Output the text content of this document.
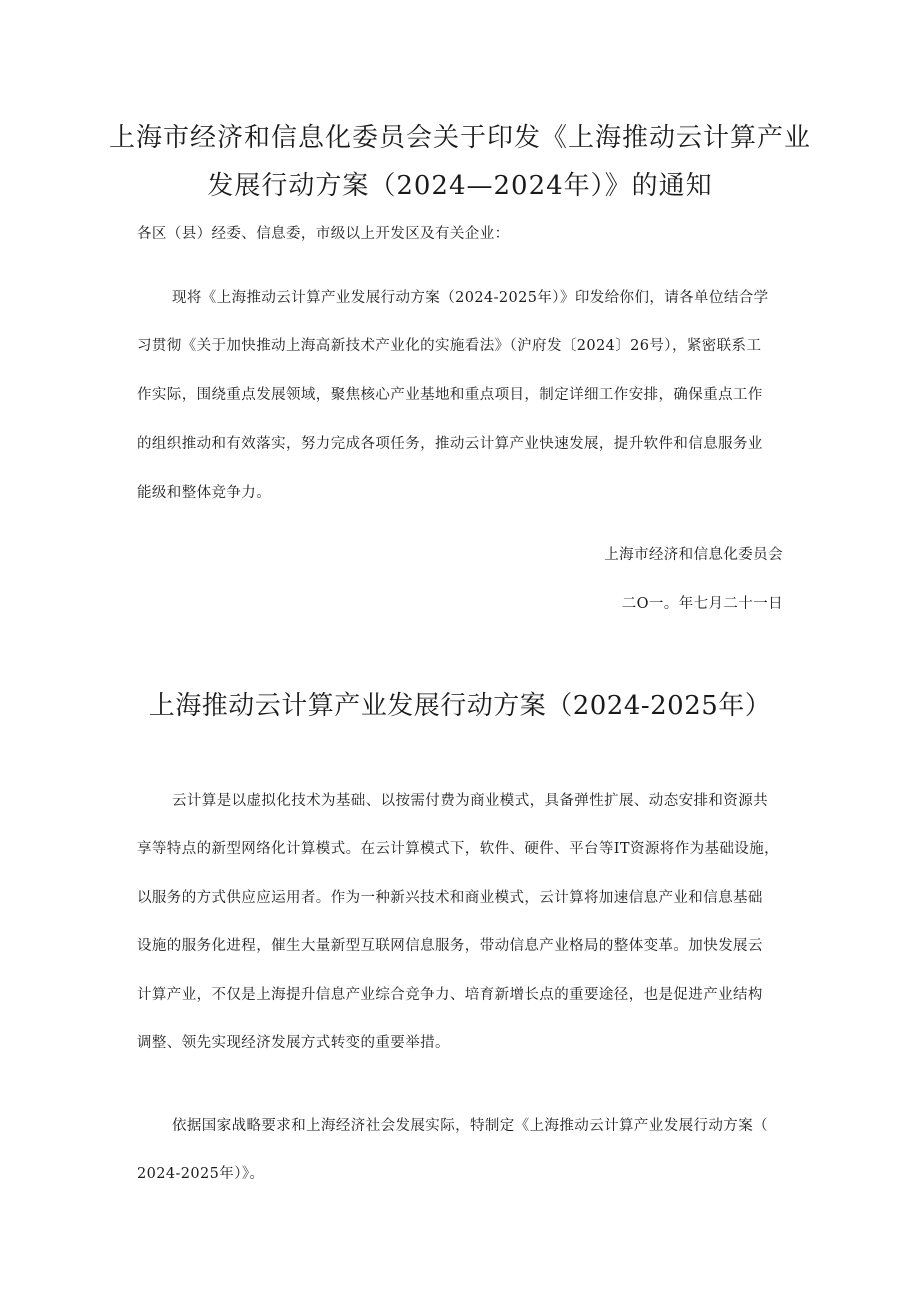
上海市经济和信息化委员会关于印发《上海推动云计算产业
发展行动方案（2024—2024年）》的通知
各区（县）经委、信息委，市级以上开发区及有关企业：
现将《上海推动云计算产业发展行动方案（2024-2025年）》印发给你们，请各单位结合学
习贯彻《关于加快推动上海高新技术产业化的实施看法》（沪府发〔2024〕26号），紧密联系工
作实际，围绕重点发展领域，聚焦核心产业基地和重点项目，制定详细工作安排，确保重点工作
的组织推动和有效落实，努力完成各项任务，推动云计算产业快速发展，提升软件和信息服务业
能级和整体竞争力。
上海市经济和信息化委员会
二O一。年七月二十一日
上海推动云计算产业发展行动方案（2024-2025年）
云计算是以虚拟化技术为基础、以按需付费为商业模式，具备弹性扩展、动态安排和资源共
享等特点的新型网络化计算模式。在云计算模式下，软件、硬件、平台等IT资源将作为基础设施，
以服务的方式供应应运用者。作为一种新兴技术和商业模式，云计算将加速信息产业和信息基础
设施的服务化进程，催生大量新型互联网信息服务，带动信息产业格局的整体变革。加快发展云
计算产业，不仅是上海提升信息产业综合竞争力、培育新增长点的重要途径，也是促进产业结构
调整、领先实现经济发展方式转变的重要举措。
依据国家战略要求和上海经济社会发展实际，特制定《上海推动云计算产业发展行动方案（
2024-2025年）》。
